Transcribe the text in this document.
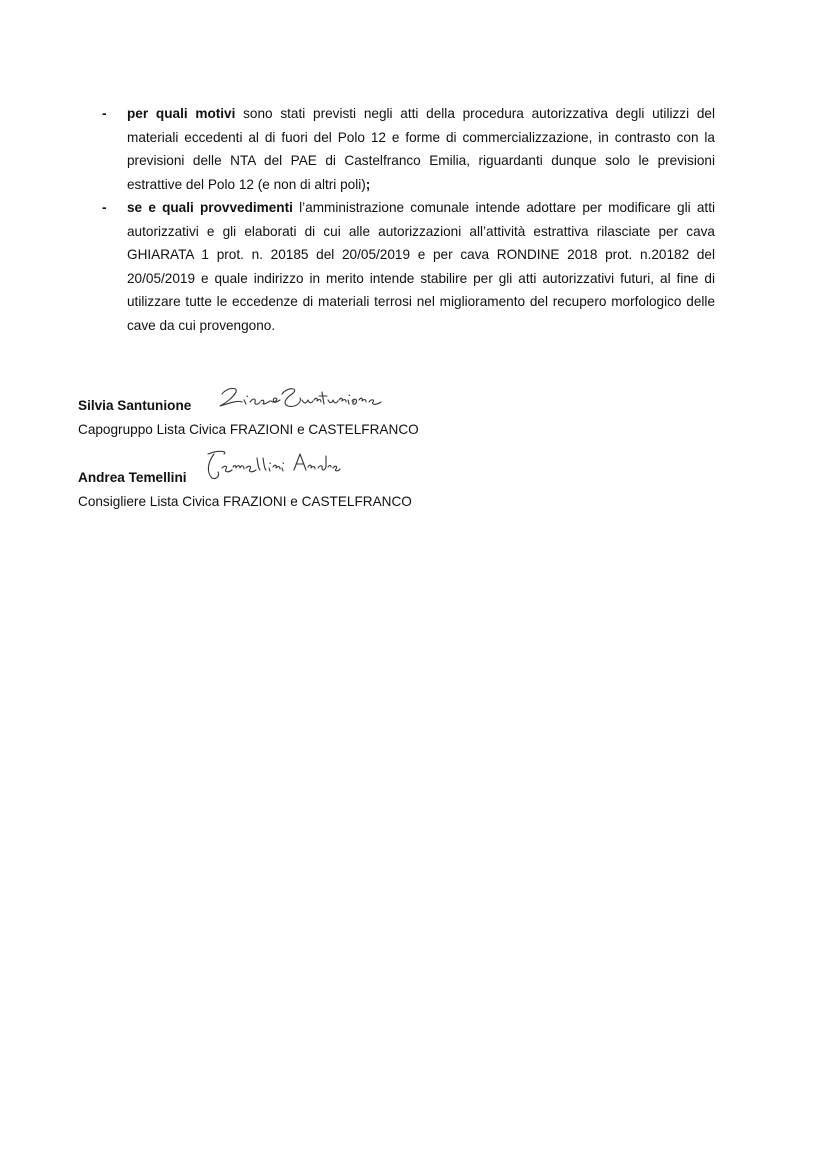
- per quali motivi sono stati previsti negli atti della procedura autorizzativa degli utilizzi del materiali eccedenti al di fuori del Polo 12 e forme di commercializzazione, in contrasto con la previsioni delle NTA del PAE di Castelfranco Emilia, riguardanti dunque solo le previsioni estrattive del Polo 12 (e non di altri poli);
- se e quali provvedimenti l’amministrazione comunale intende adottare per modificare gli atti autorizzativi e gli elaborati di cui alle autorizzazioni all’attività estrattiva rilasciate per cava GHIARATA 1 prot. n. 20185 del 20/05/2019 e per cava RONDINE 2018 prot. n.20182 del 20/05/2019 e quale indirizzo in merito intende stabilire per gli atti autorizzativi futuri, al fine di utilizzare tutte le eccedenze di materiali terrosi nel miglioramento del recupero morfologico delle cave da cui provengono.
Silvia Santunione
Capogruppo Lista Civica FRAZIONI e CASTELFRANCO
Andrea Temellini
Consigliere Lista Civica FRAZIONI e CASTELFRANCO
